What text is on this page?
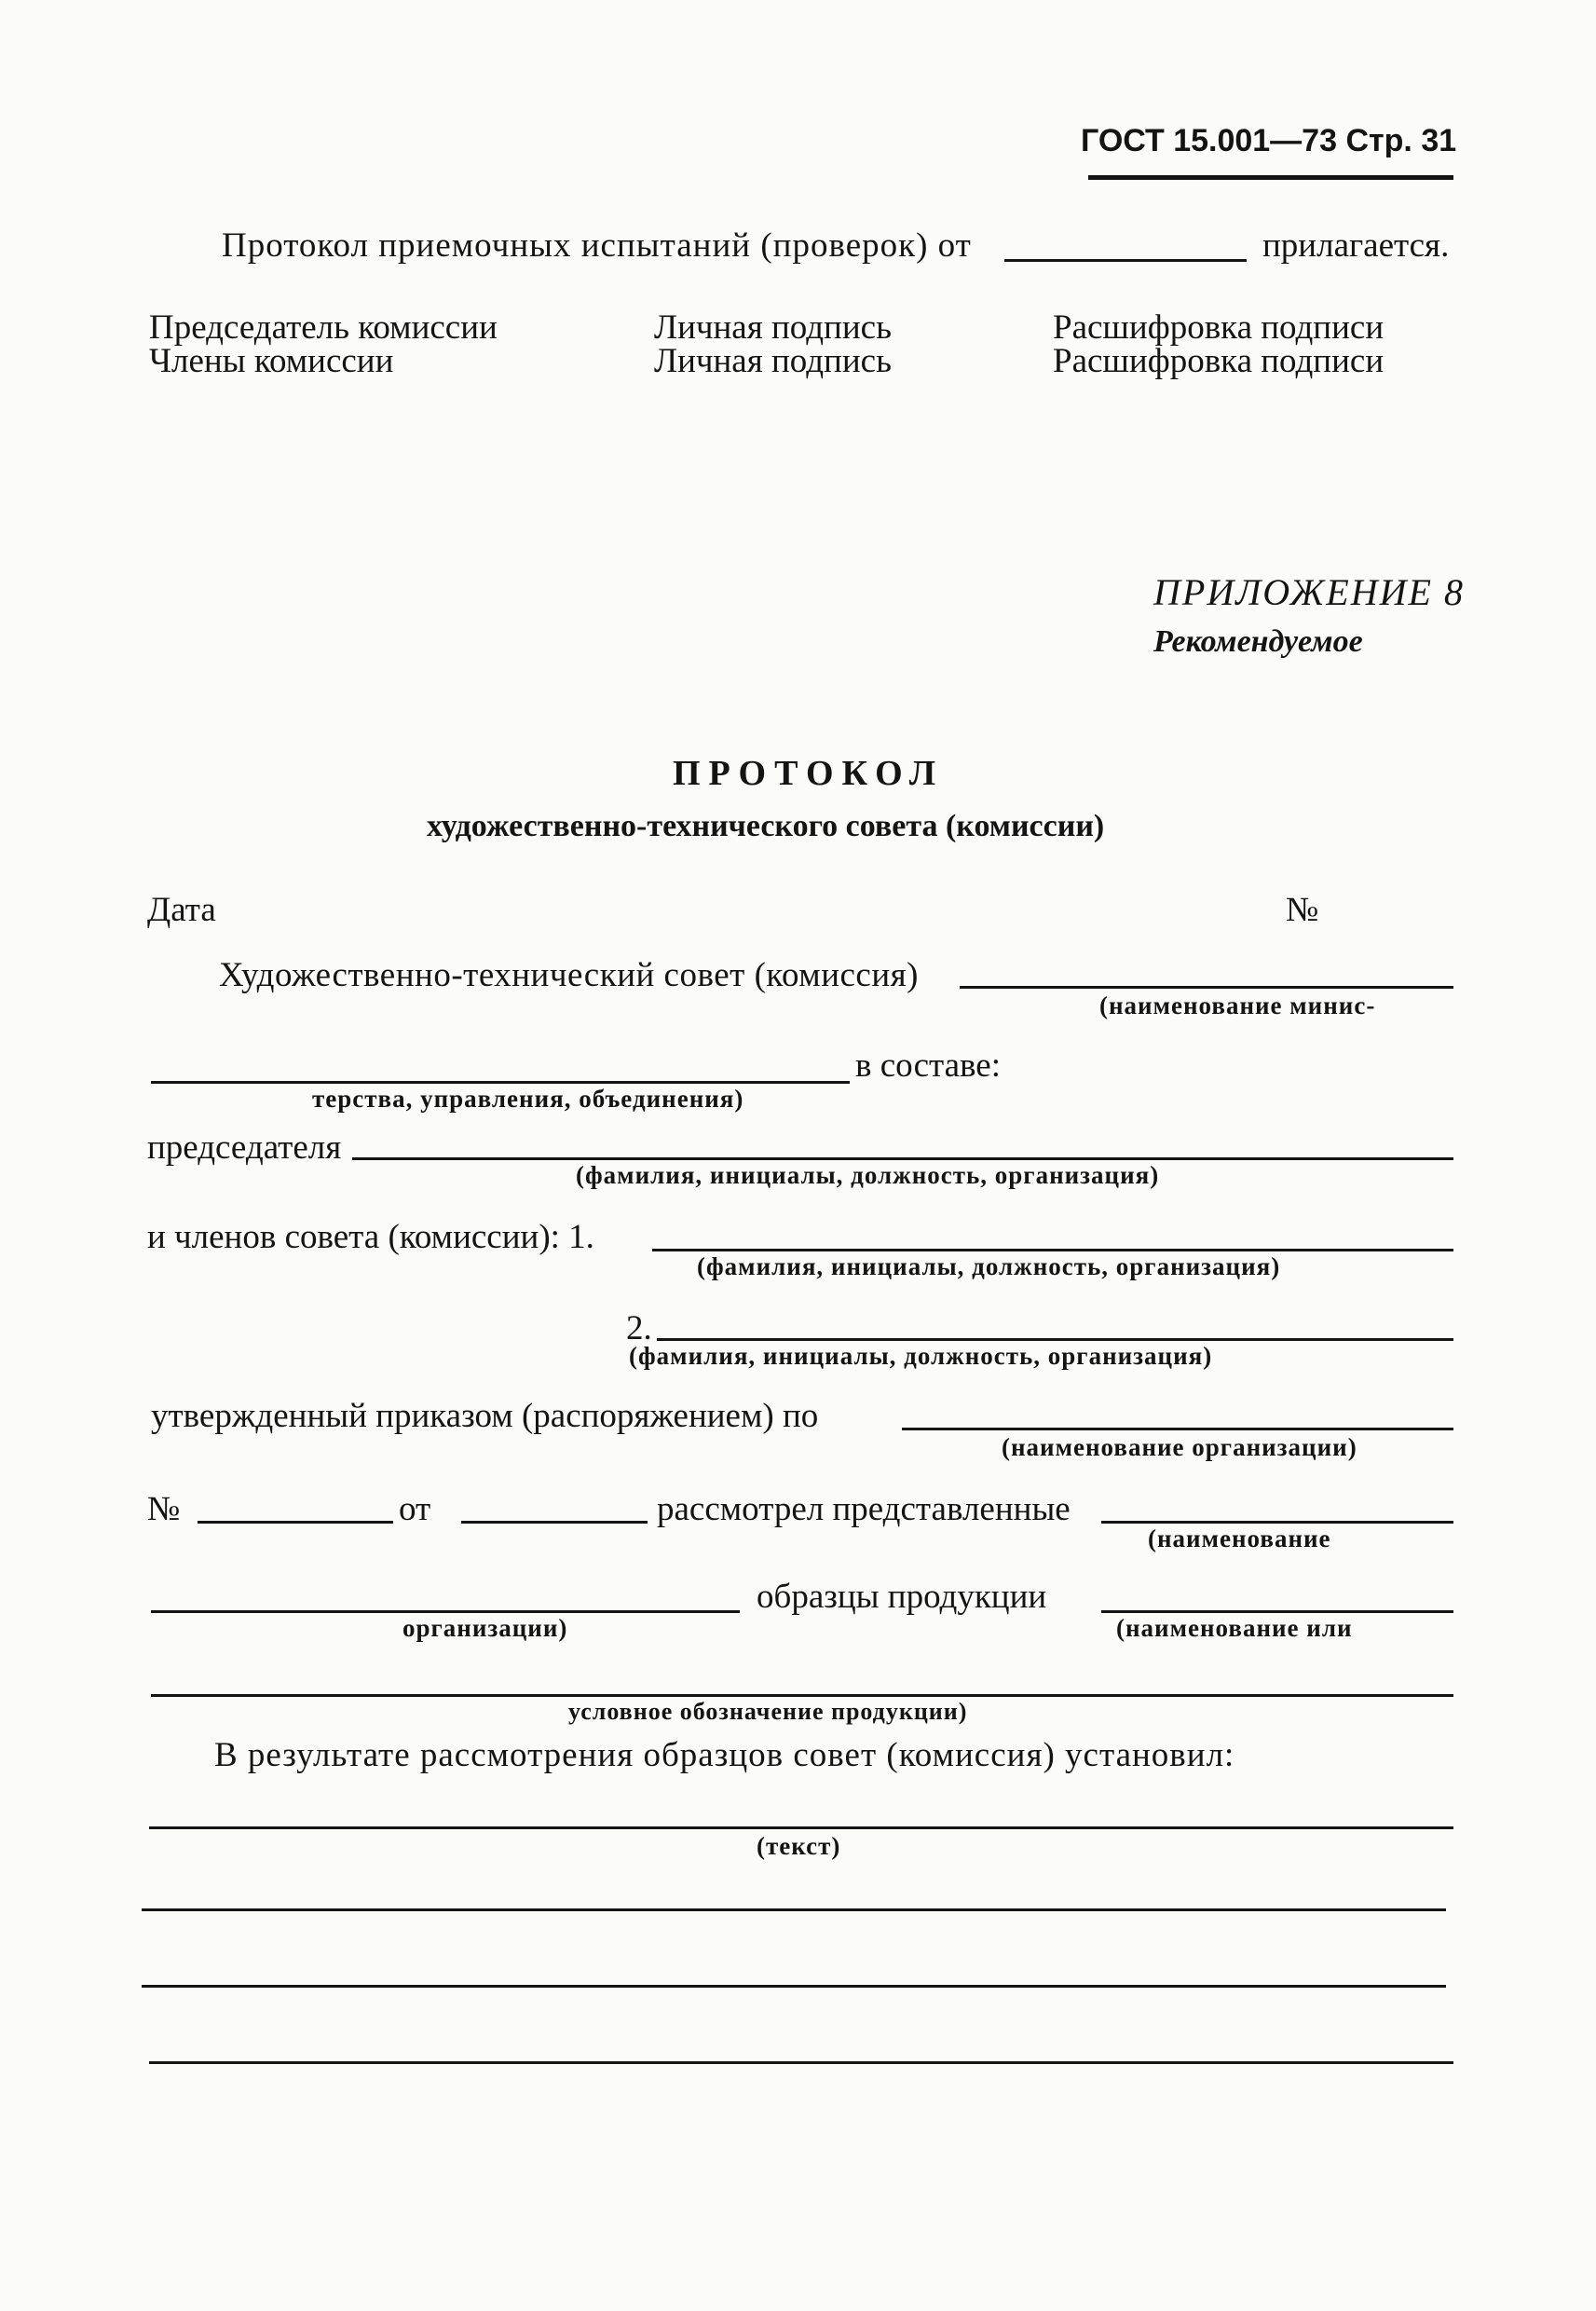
ГОСТ 15.001—73 Стр. 31
Протокол приемочных испытаний (проверок) от	прилагается.
Председатель комиссии	Личная подпись	Расшифровка подписи
Члены комиссии	Личная подпись	Расшифровка подписи
ПРИЛОЖЕНИЕ 8
Рекомендуемое
ПРОТОКОЛ
художественно-технического совета (комиссии)
Дата	№
Художественно-технический совет (комиссия)
(наименование минис-
в составе:
терства, управления, объединения)
председателя
(фамилия, инициалы, должность, организация)
и членов совета (комиссии): 1.
(фамилия, инициалы, должность, организация)
2.
(фамилия, инициалы, должность, организация)
утвержденный приказом (распоряжением) по
(наименование организации)
№	от	рассмотрел представленные
(наименование
образцы продукции
организации)	(наименование или
условное обозначение продукции)
В результате рассмотрения образцов совет (комиссия) установил:
(текст)
